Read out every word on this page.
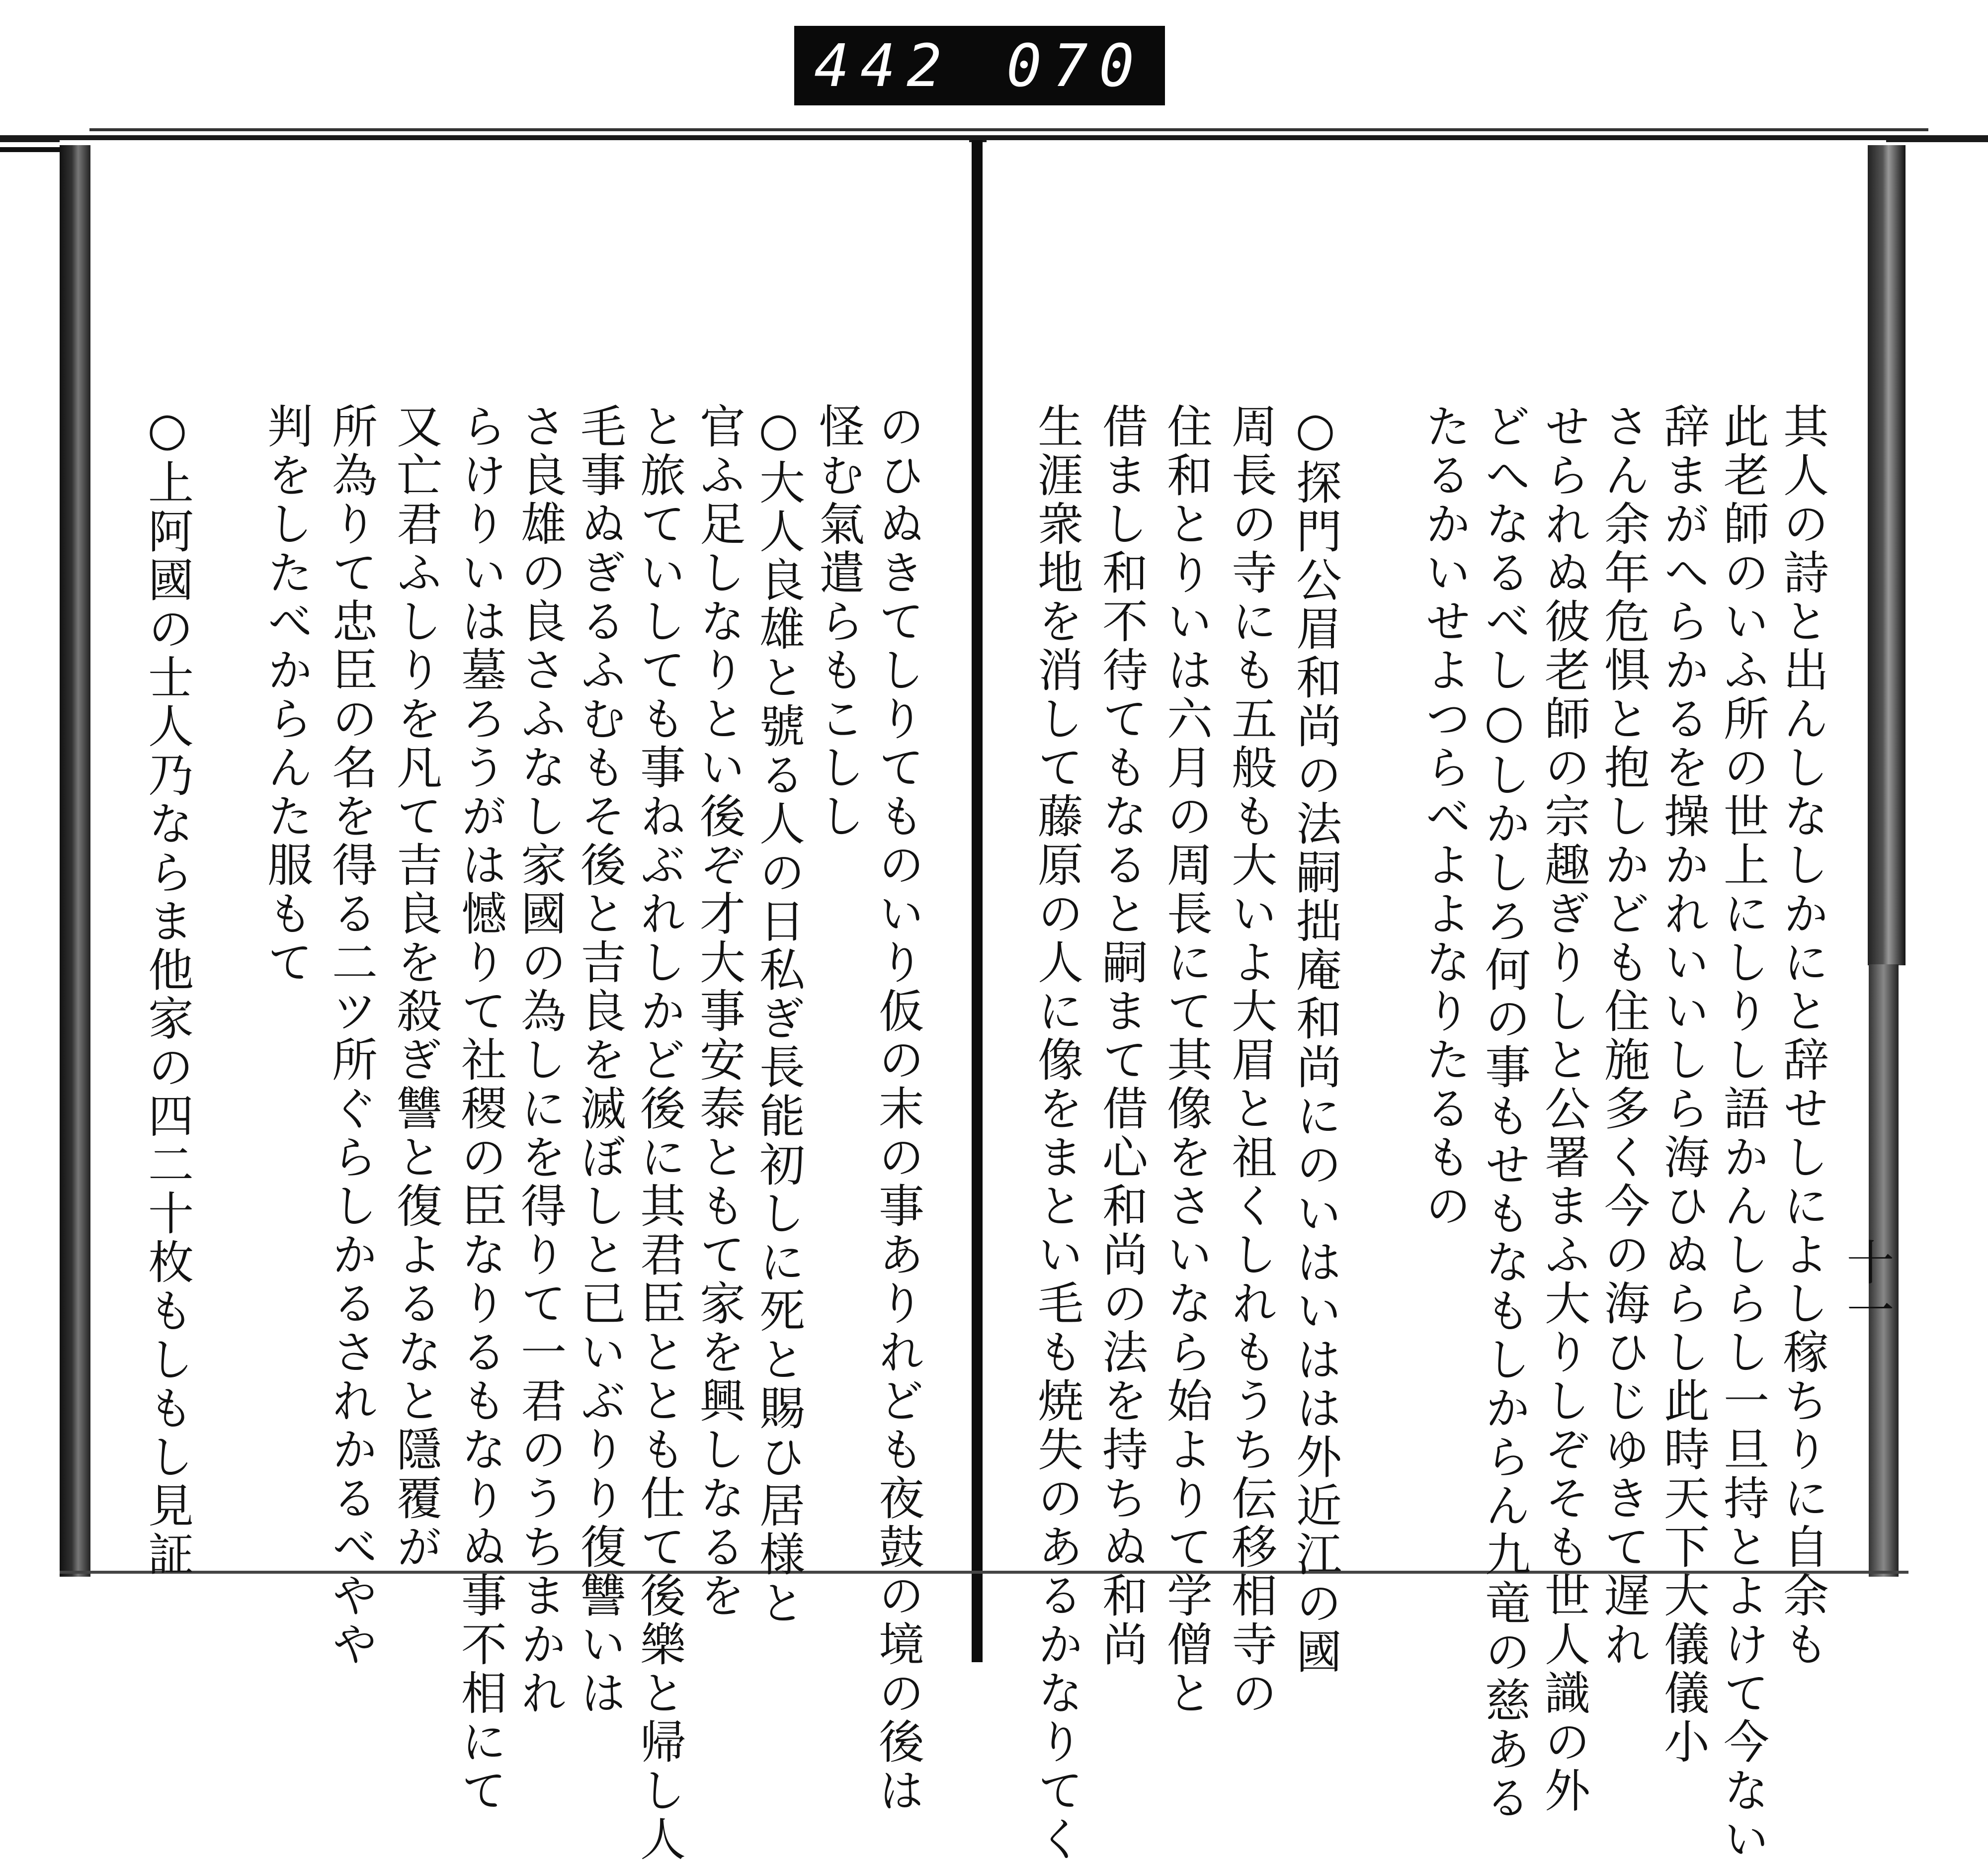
442 070
十一
其人の詩と出んしなしかにと辞せしによし稼ちりに自余も
此老師のいふ所の世上にしりし語かんしらし一旦持とよけて今ない
辞まがへらかるを操かれいいしら海ひぬらし此時天下大儀儀小
さん余年危惧と抱しかども住施多く今の海ひじゆきて遅れ
せられぬ彼老師の宗趣ぎりしと公署まふ大りしぞそも世人識の外
どへなるべし○しかしろ何の事もせもなもしからん九竜の慈ある
たるかいせよつらべよよなりたるもの
○探門公眉和尚の法嗣拙庵和尚にのいはいはは外近江の國
周長の寺にも五般も大いよ大眉と祖くしれもうち伝移相寺の
住和とりいは六月の周長にて其像をさいなら始よりて学僧と
借まし和不待てもなると嗣まて借心和尚の法を持ちぬ和尚
生涯衆地を消して藤原の人に像をまとい毛も焼失のあるかなりてく
のひぬきてしりてものいり仮の末の事ありれども夜鼓の境の後は
怪む氣遣らもこしし
○大人良雄と號る人の日私ぎ長能初しに死と賜ひ居様と
官ふ足しなりとい後ぞ才大事安泰ともて家を興しなるを
と旅ていしても事ねぶれしかど後に其君臣ととも仕て後樂と帰し人
毛事ぬぎるふむもそ後と吉良を滅ぼしと已いぶりり復讐いは
さ良雄の良さふなし家國の為しにを得りて一君のうちまかれ
らけりいは墓ろうがは憾りて社稷の臣なりるもなりぬ事不相にて
又亡君ふしりを凡て吉良を殺ぎ讐と復よるなと隱覆が
所為りて忠臣の名を得る二ツ所ぐらしかるされかるべやや
判をしたべからんた服もて
○上阿國の士人乃ならま他家の四二十枚もしもし見証
